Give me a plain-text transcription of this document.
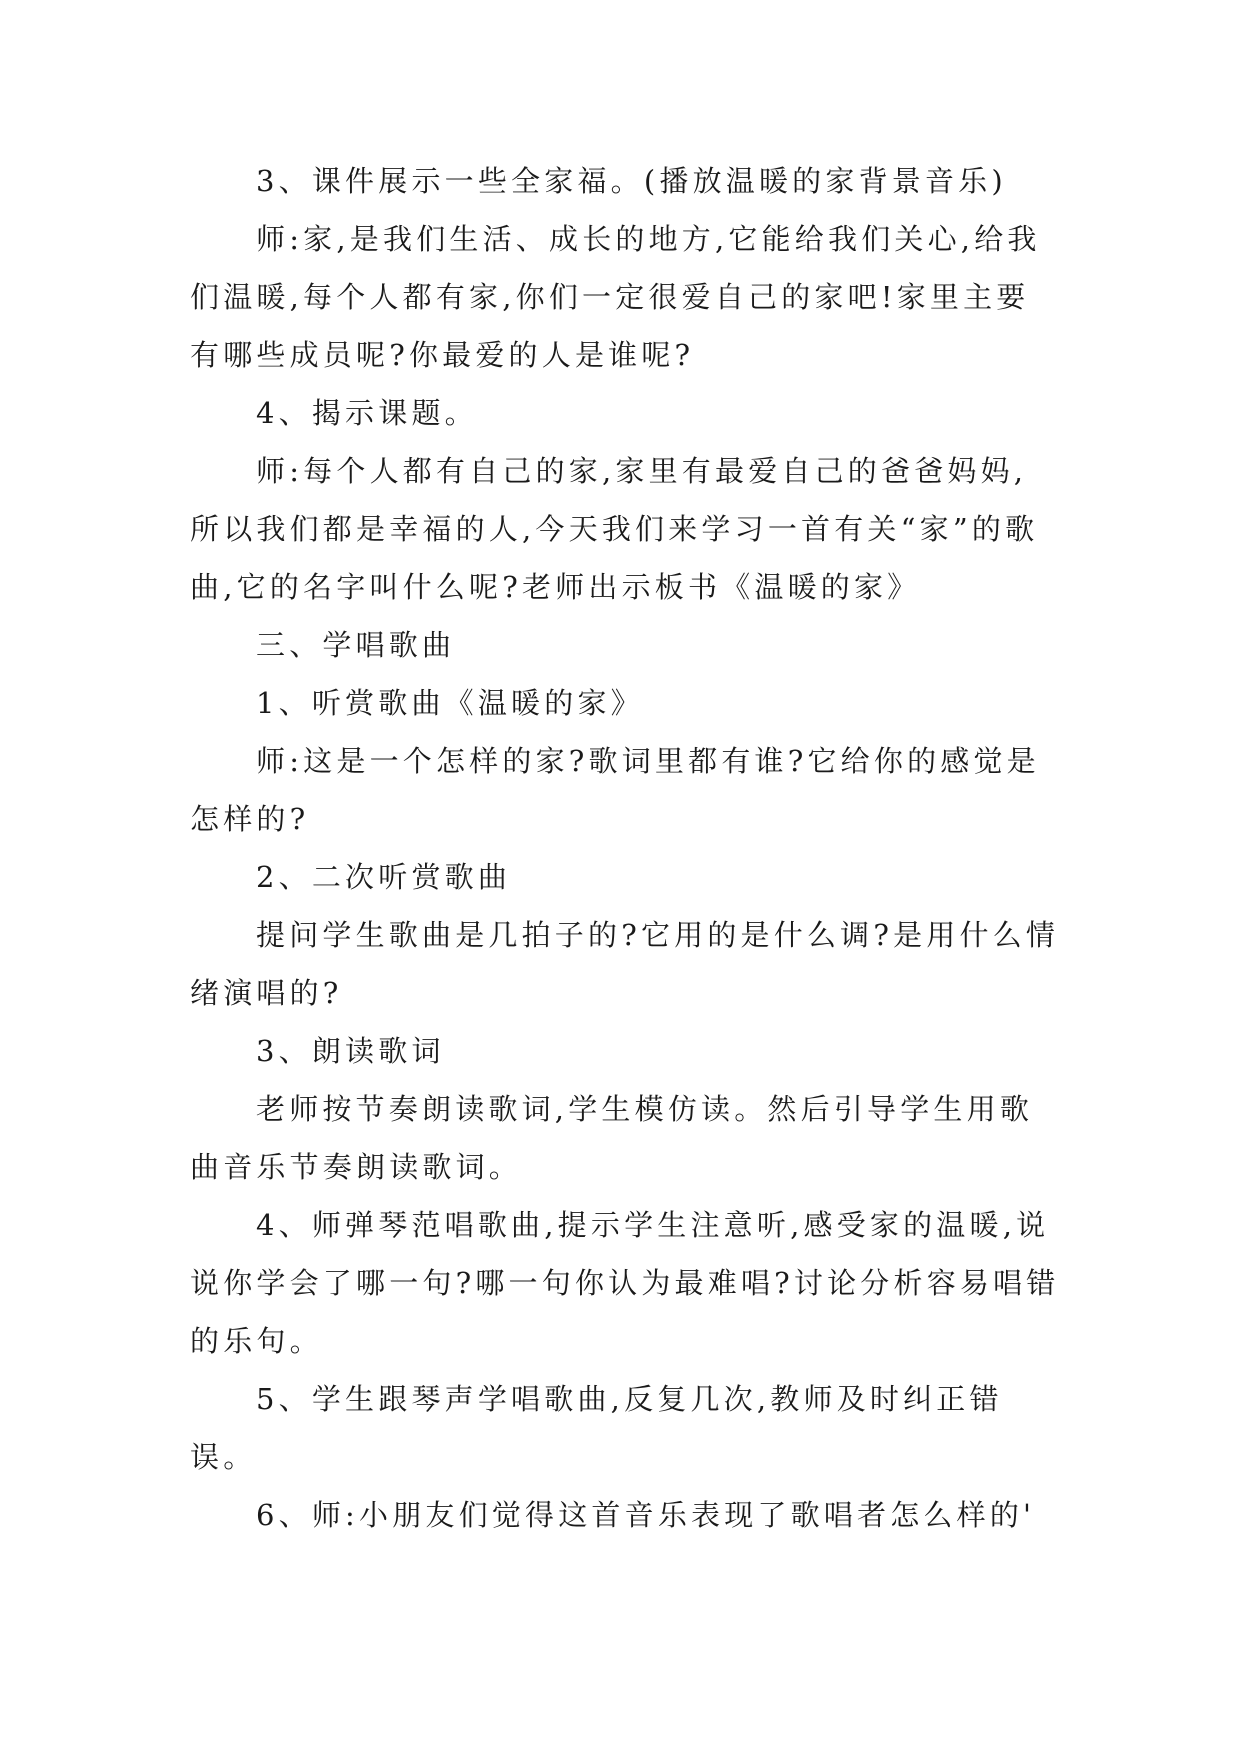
3、课件展示一些全家福。(播放温暖的家背景音乐)

师:家,是我们生活、成长的地方,它能给我们关心,给我们温暖,每个人都有家,你们一定很爱自己的家吧!家里主要有哪些成员呢?你最爱的人是谁呢?

4、揭示课题。

师:每个人都有自己的家,家里有最爱自己的爸爸妈妈,所以我们都是幸福的人,今天我们来学习一首有关“家”的歌曲,它的名字叫什么呢?老师出示板书《温暖的家》

三、学唱歌曲

1、听赏歌曲《温暖的家》

师:这是一个怎样的家?歌词里都有谁?它给你的感觉是怎样的?

2、二次听赏歌曲

提问学生歌曲是几拍子的?它用的是什么调?是用什么情绪演唱的?

3、朗读歌词

老师按节奏朗读歌词,学生模仿读。然后引导学生用歌曲音乐节奏朗读歌词。

4、师弹琴范唱歌曲,提示学生注意听,感受家的温暖,说说你学会了哪一句?哪一句你认为最难唱?讨论分析容易唱错的乐句。

5、学生跟琴声学唱歌曲,反复几次,教师及时纠正错误。

6、师:小朋友们觉得这首音乐表现了歌唱者怎么样的'
